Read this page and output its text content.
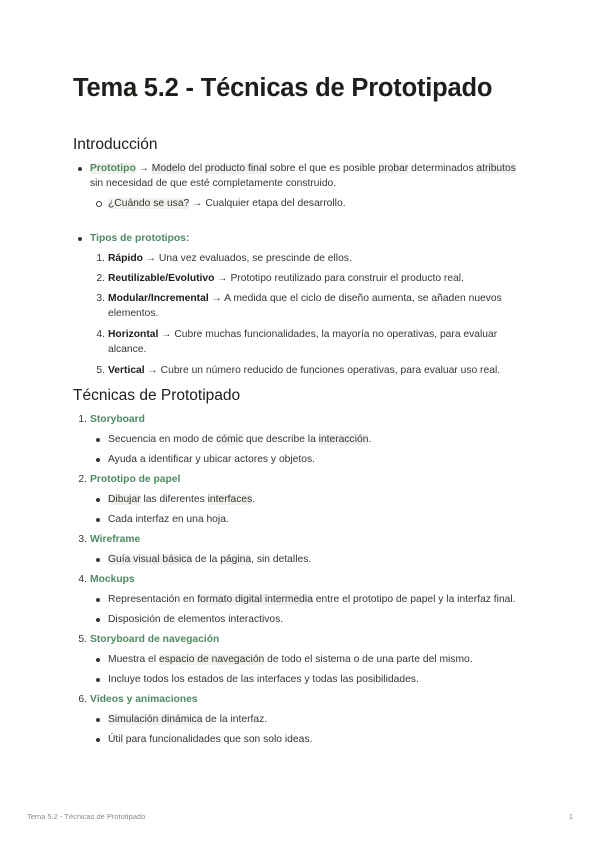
Tema 5.2 - Técnicas de Prototipado
Introducción
Prototipo → Modelo del producto final sobre el que es posible probar determinados atributos
sin necesidad de que esté completamente construido.
¿Cuándo se usa? → Cualquier etapa del desarrollo.
Tipos de prototipos:
1. Rápido → Una vez evaluados, se prescinde de ellos.
2. Reutilizable/Evolutivo → Prototipo reutilizado para construir el producto real.
3. Modular/Incremental → A medida que el ciclo de diseño aumenta, se añaden nuevos
elementos.
4. Horizontal → Cubre muchas funcionalidades, la mayoría no operativas, para evaluar
alcance.
5. Vertical → Cubre un número reducido de funciones operativas, para evaluar uso real.
Técnicas de Prototipado
1. Storyboard
Secuencia en modo de cómic que describe la interacción.
Ayuda a identificar y ubicar actores y objetos.
2. Prototipo de papel
Dibujar las diferentes interfaces.
Cada interfaz en una hoja.
3. Wireframe
Guía visual básica de la página, sin detalles.
4. Mockups
Representación en formato digital intermedia entre el prototipo de papel y la interfaz final.
Disposición de elementos interactivos.
5. Storyboard de navegación
Muestra el espacio de navegación de todo el sistema o de una parte del mismo.
Incluye todos los estados de las interfaces y todas las posibilidades.
6. Vídeos y animaciones
Simulación dinámica de la interfaz.
Útil para funcionalidades que son solo ideas.
Tema 5.2 - Técnicas de Prototipado	1
